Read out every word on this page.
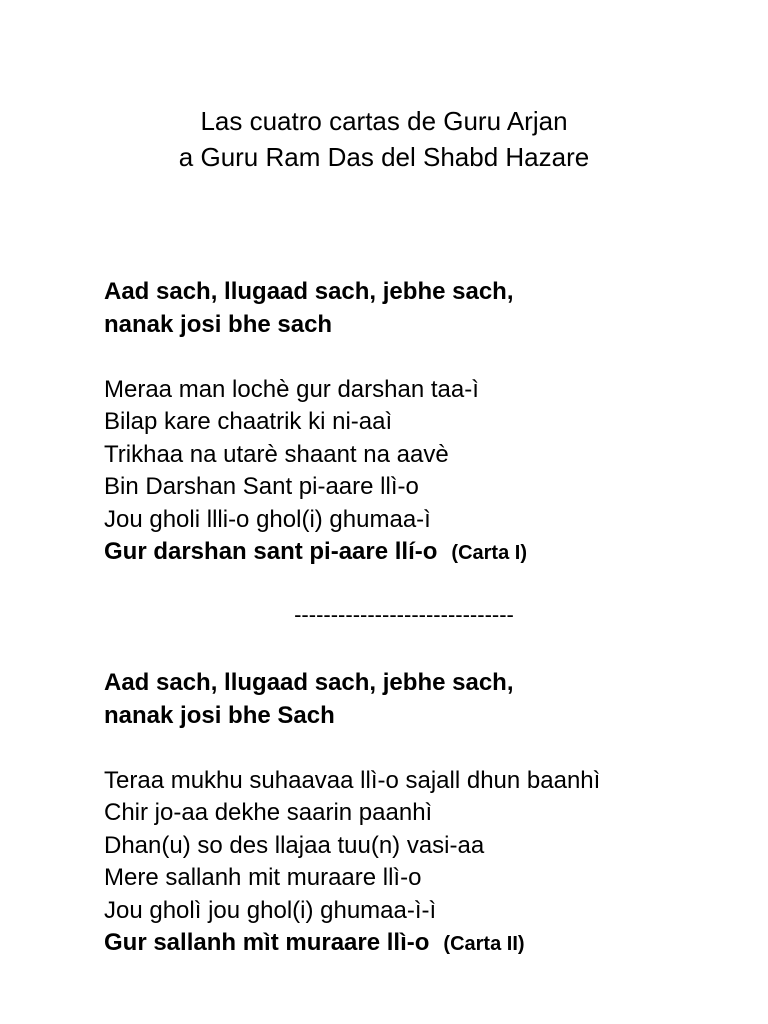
Las cuatro cartas de Guru Arjan
a Guru Ram Das del Shabd Hazare
Aad sach, llugaad sach, jebhe sach,
nanak josi bhe sach
Meraa man lochè gur darshan taa-ì
Bilap kare chaatrik ki ni-aaì
Trikhaa na utarè shaant na aavè
Bin Darshan Sant pi-aare llì-o
Jou gholi llli-o ghol(i) ghumaa-ì
Gur darshan sant pi-aare llí-o (Carta I)
------------------------------
Aad sach, llugaad sach, jebhe sach,
nanak josi bhe Sach
Teraa mukhu suhaavaa llì-o sajall dhun baanhì
Chir jo-aa dekhe saarin paanhì
Dhan(u) so des llajaa tuu(n) vasi-aa
Mere sallanh mit muraare llì-o
Jou gholì jou ghol(i) ghumaa-ì-ì
Gur sallanh mìt muraare llì-o (Carta II)
